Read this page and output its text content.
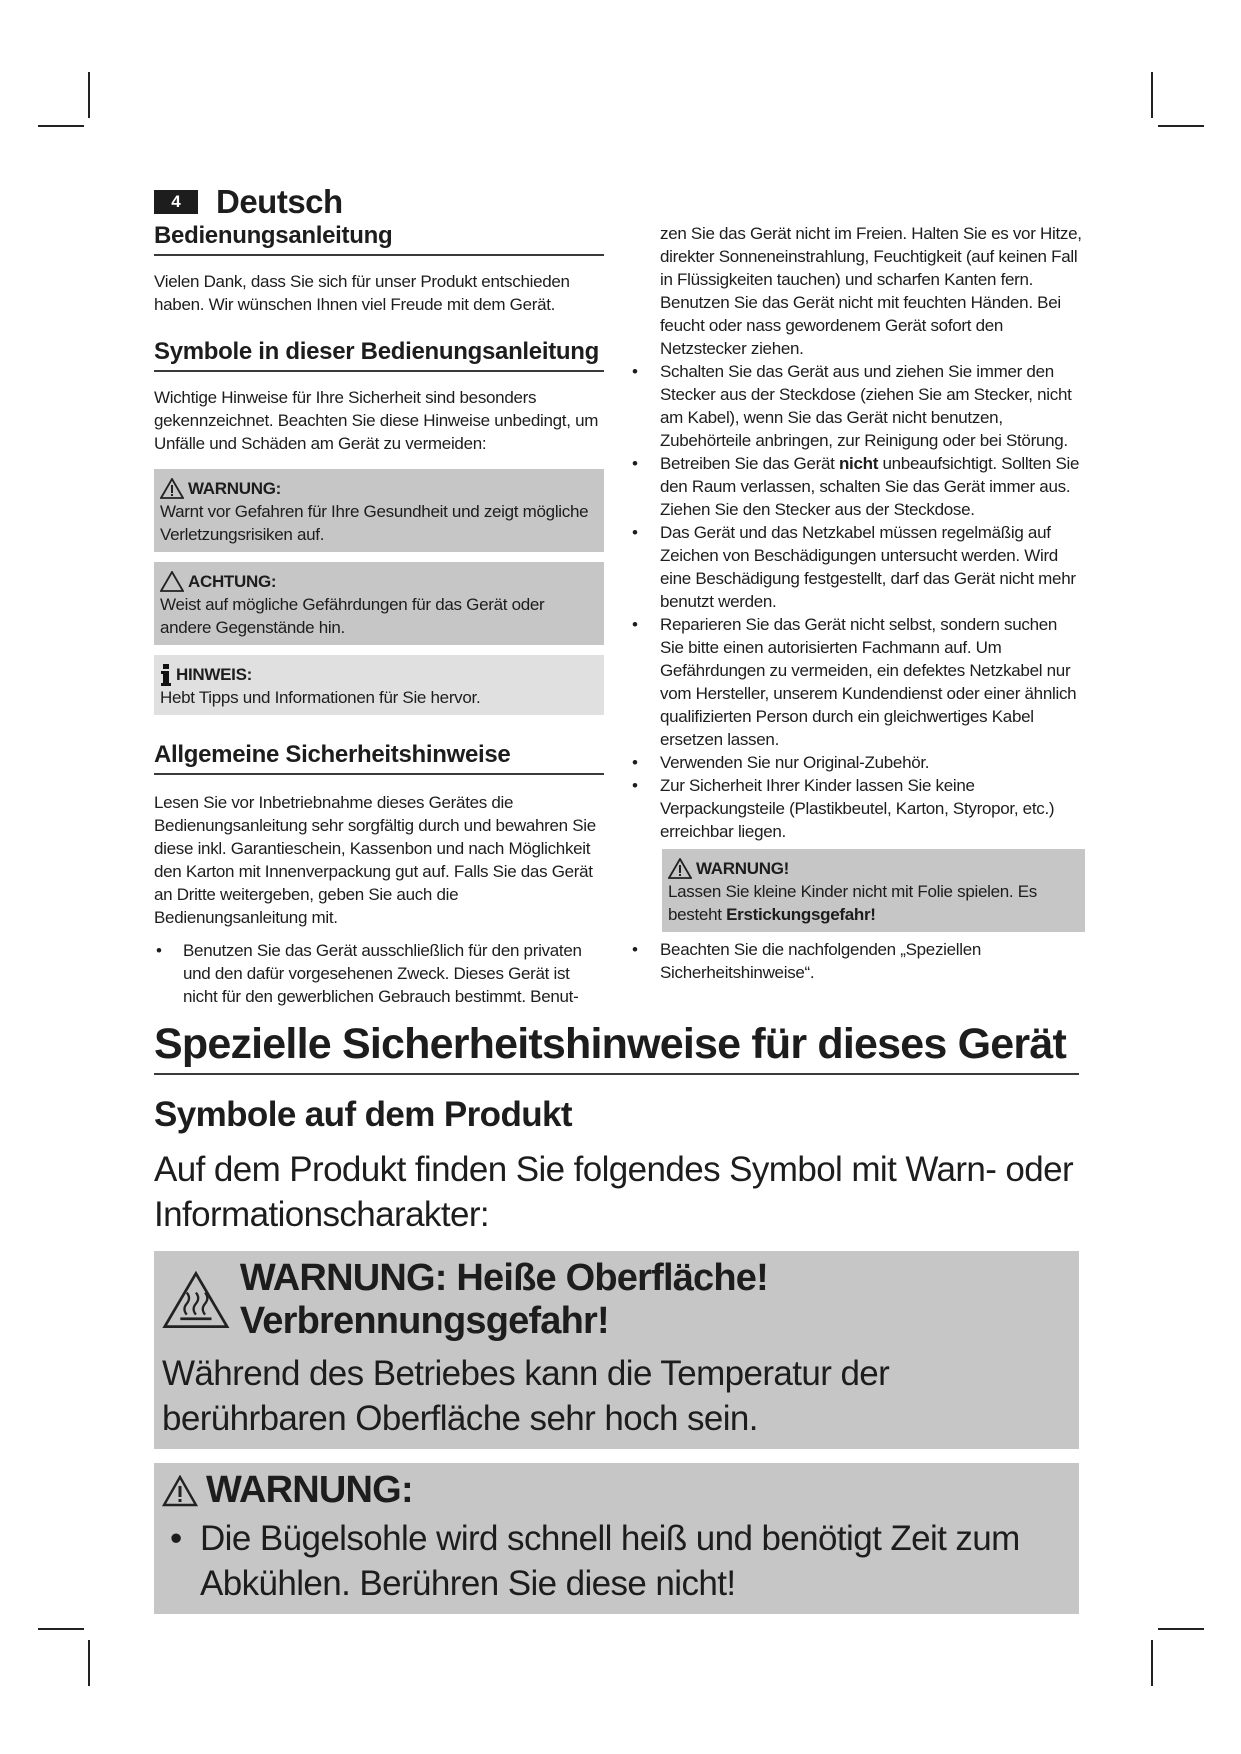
4	Deutsch
Bedienungsanleitung

Vielen Dank, dass Sie sich für unser Produkt entschieden haben. Wir wünschen Ihnen viel Freude mit dem Gerät.

Symbole in dieser Bedienungsanleitung

Wichtige Hinweise für Ihre Sicherheit sind besonders gekennzeichnet. Beachten Sie diese Hinweise unbedingt, um Unfälle und Schäden am Gerät zu vermeiden:

WARNUNG:
Warnt vor Gefahren für Ihre Gesundheit und zeigt mögliche Verletzungsrisiken auf.
ACHTUNG:
Weist auf mögliche Gefährdungen für das Gerät oder andere Gegenstände hin.
HINWEIS:
Hebt Tipps und Informationen für Sie hervor.
Allgemeine Sicherheitshinweise

Lesen Sie vor Inbetriebnahme dieses Gerätes die Bedienungsanleitung sehr sorgfältig durch und bewahren Sie diese inkl. Garantieschein, Kassenbon und nach Möglichkeit den Karton mit Innenverpackung gut auf. Falls Sie das Gerät an Dritte weitergeben, geben Sie auch die Bedienungsanleitung mit.

• Benutzen Sie das Gerät ausschließlich für den privaten und den dafür vorgesehenen Zweck. Dieses Gerät ist nicht für den gewerblichen Gebrauch bestimmt. Benut-

zen Sie das Gerät nicht im Freien. Halten Sie es vor Hitze, direkter Sonneneinstrahlung, Feuchtigkeit (auf keinen Fall in Flüssigkeiten tauchen) und scharfen Kanten fern. Benutzen Sie das Gerät nicht mit feuchten Händen. Bei feucht oder nass gewordenem Gerät sofort den Netzstecker ziehen.

• Schalten Sie das Gerät aus und ziehen Sie immer den Stecker aus der Steckdose (ziehen Sie am Stecker, nicht am Kabel), wenn Sie das Gerät nicht benutzen, Zubehörteile anbringen, zur Reinigung oder bei Störung.
• Betreiben Sie das Gerät nicht unbeaufsichtigt. Sollten Sie den Raum verlassen, schalten Sie das Gerät immer aus. Ziehen Sie den Stecker aus der Steckdose.
• Das Gerät und das Netzkabel müssen regelmäßig auf Zeichen von Beschädigungen untersucht werden. Wird eine Beschädigung festgestellt, darf das Gerät nicht mehr benutzt werden.
• Reparieren Sie das Gerät nicht selbst, sondern suchen Sie bitte einen autorisierten Fachmann auf. Um Gefährdungen zu vermeiden, ein defektes Netzkabel nur vom Hersteller, unserem Kundendienst oder einer ähnlich qualifizierten Person durch ein gleichwertiges Kabel ersetzen lassen.
• Verwenden Sie nur Original-Zubehör.
• Zur Sicherheit Ihrer Kinder lassen Sie keine Verpackungsteile (Plastikbeutel, Karton, Styropor, etc.) erreichbar liegen.
WARNUNG!
Lassen Sie kleine Kinder nicht mit Folie spielen. Es besteht Erstickungsgefahr!
• Beachten Sie die nachfolgenden „Speziellen Sicherheitshinweise“.
Spezielle Sicherheitshinweise für dieses Gerät
Symbole auf dem Produkt

Auf dem Produkt finden Sie folgendes Symbol mit Warn- oder Informationscharakter:

WARNUNG: Heiße Oberfläche! Verbrennungsgefahr!
Während des Betriebes kann die Temperatur der berührbaren Oberfläche sehr hoch sein.
WARNUNG:
• Die Bügelsohle wird schnell heiß und benötigt Zeit zum Abkühlen. Berühren Sie diese nicht!
